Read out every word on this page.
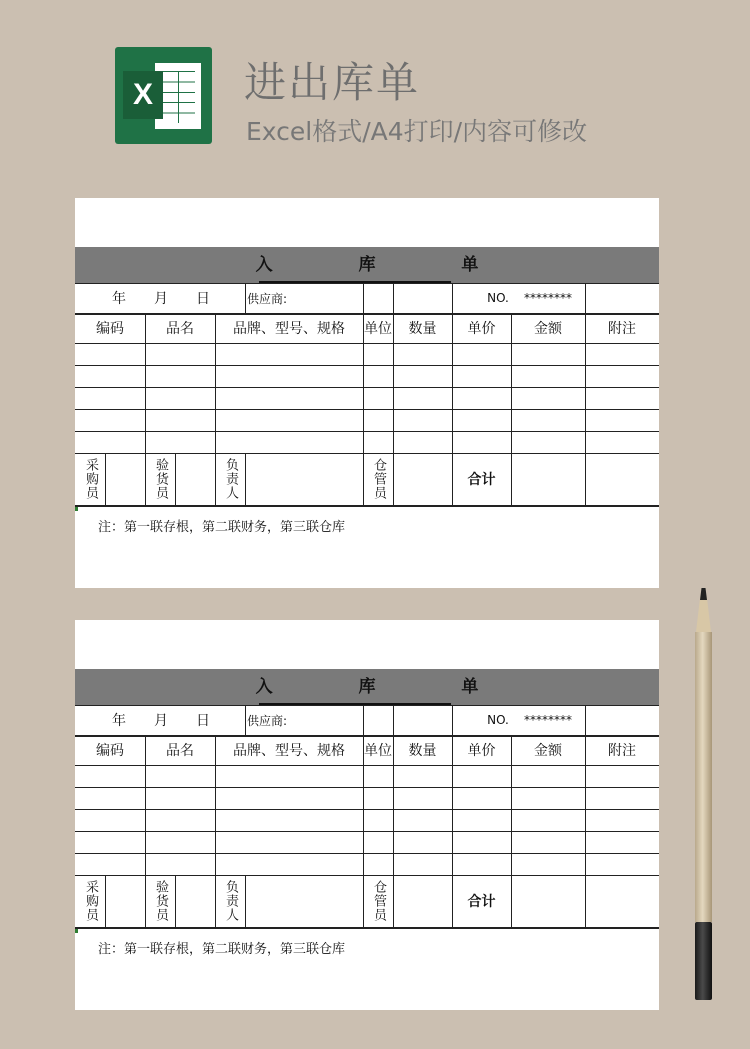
X 进出库单
Excel格式/A4打印/内容可修改
入 库 单
年	月	日	供应商:	NO.	********
编码	品名	品牌、型号、规格	单位	数量	单价	金额	附注
采购员	验货员	负责人	仓管员	合计
注：第一联存根，第二联财务，第三联仓库
入 库 单
年	月	日	供应商:	NO.	********
编码	品名	品牌、型号、规格	单位	数量	单价	金额	附注
采购员	验货员	负责人	仓管员	合计
注：第一联存根，第二联财务，第三联仓库
